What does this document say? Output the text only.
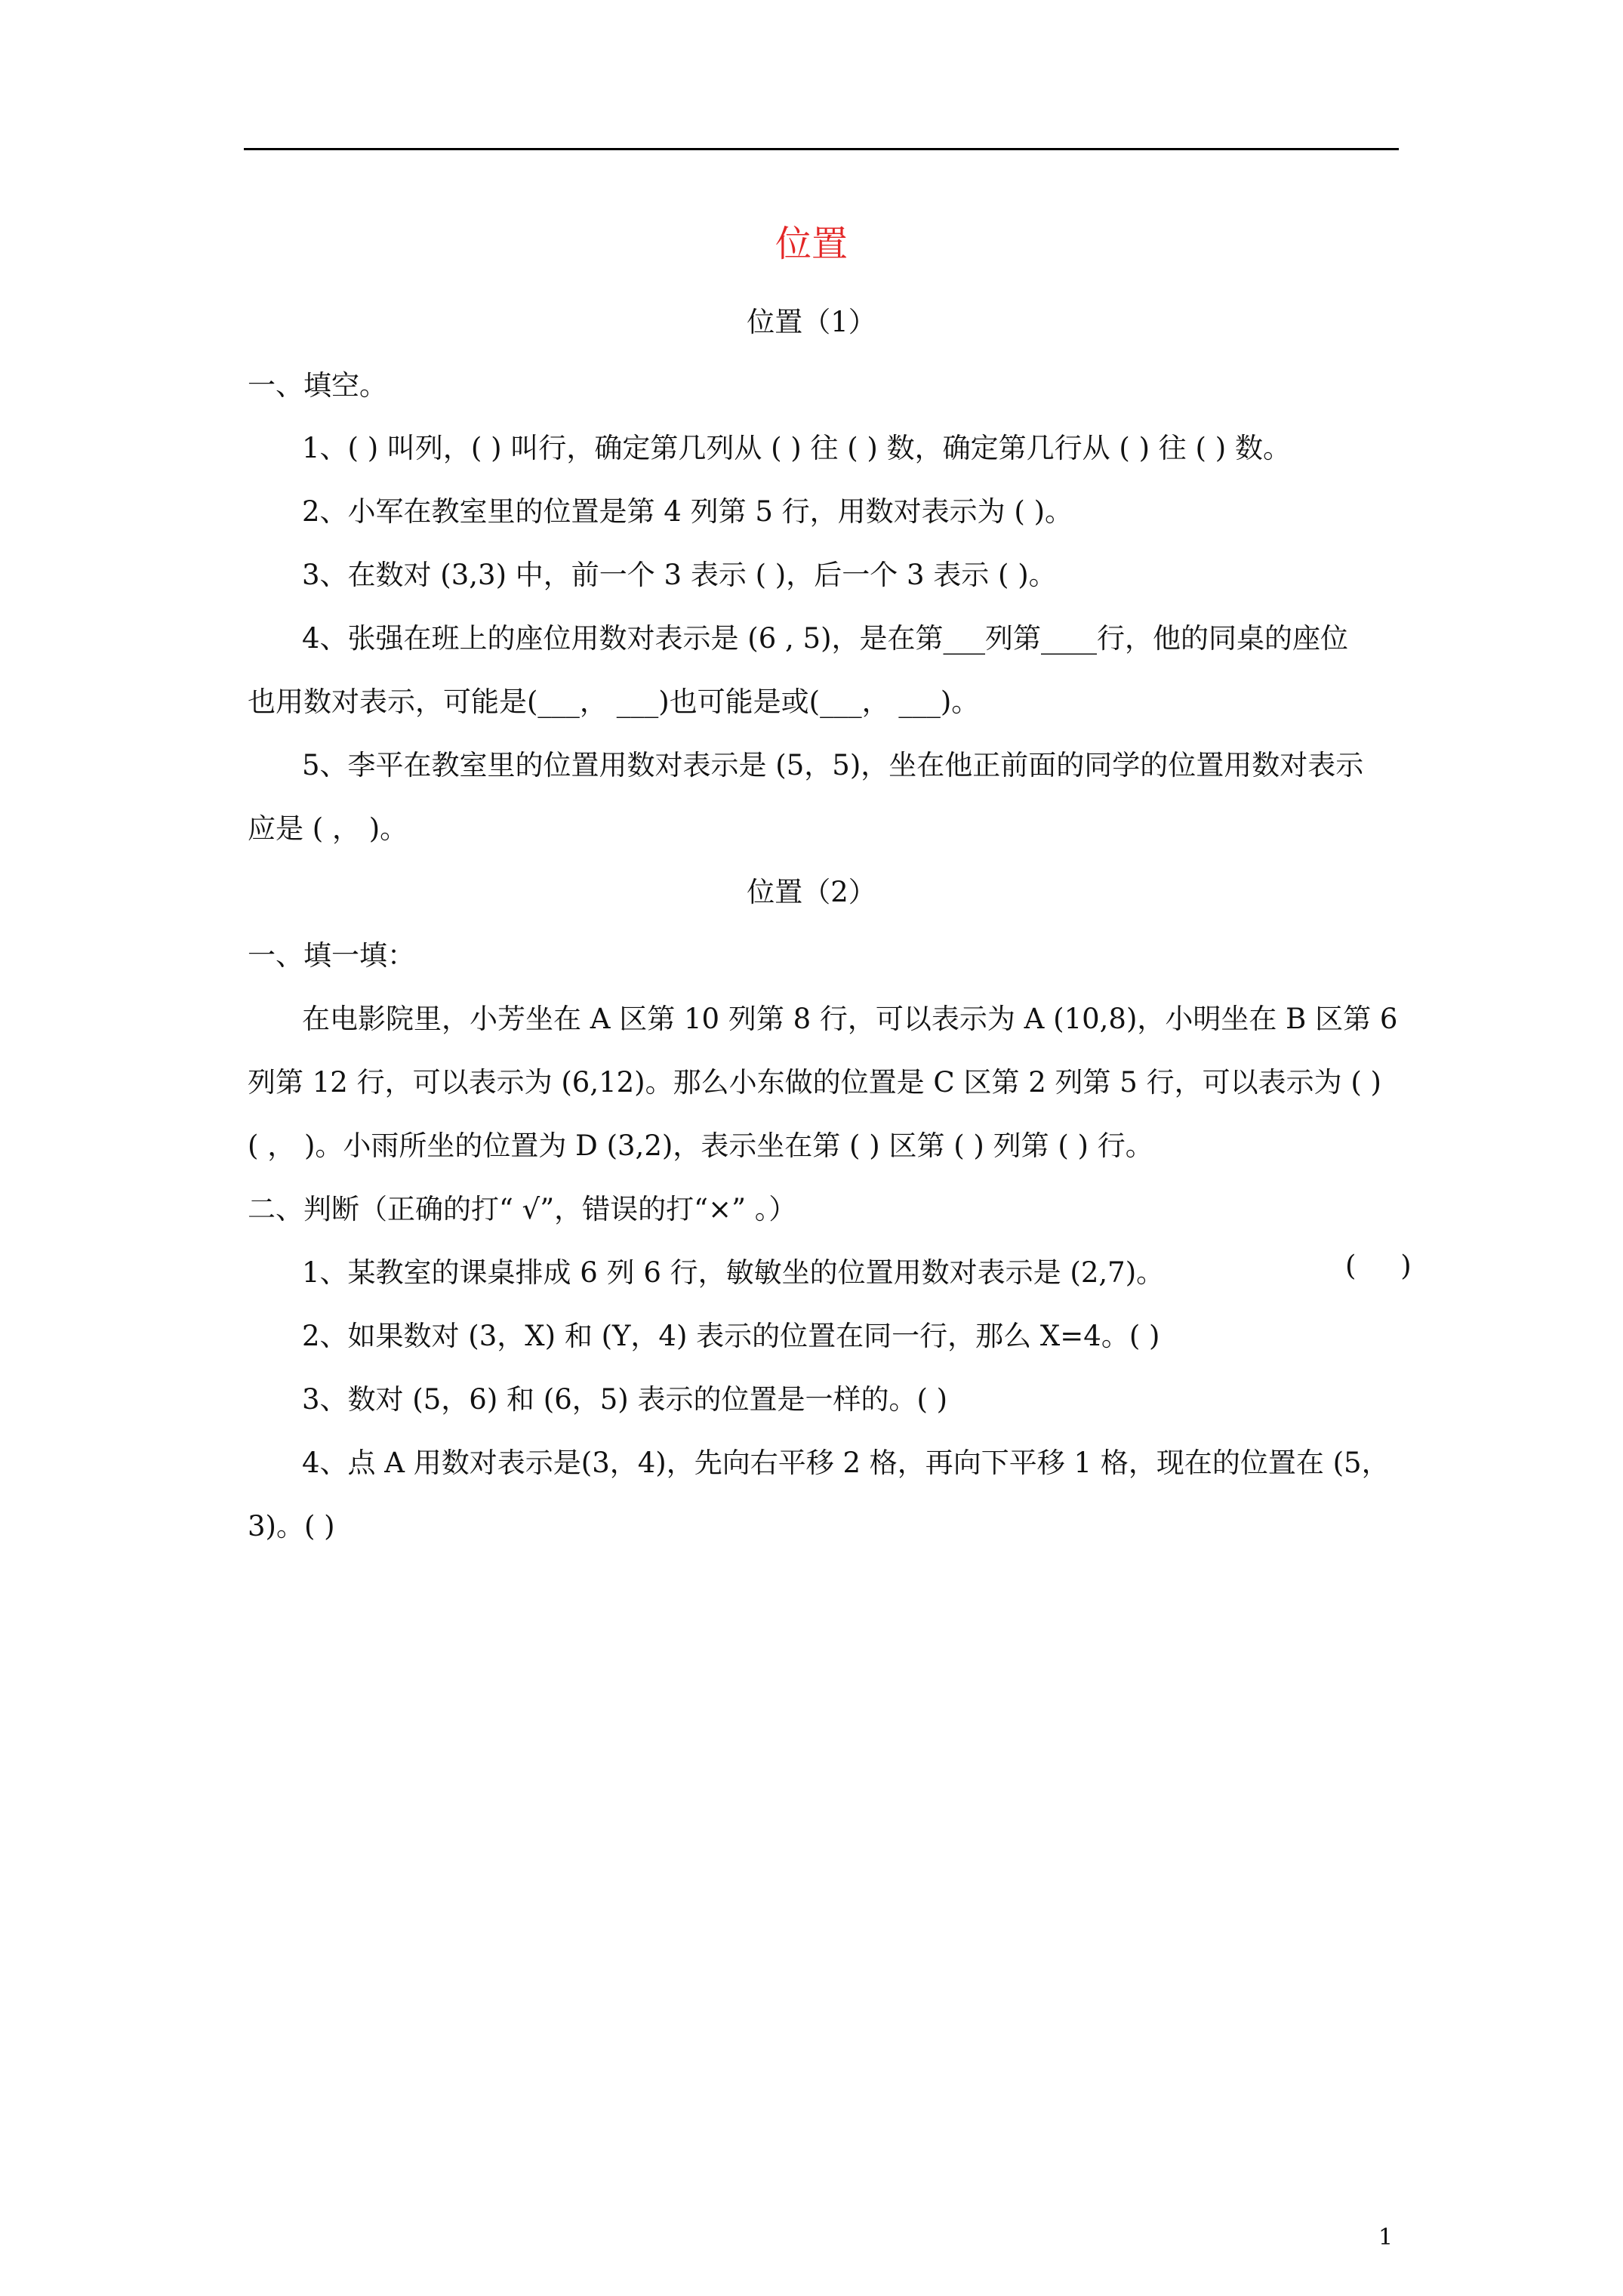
位置
位置（1）
一、填空。
1、( ) 叫列，( ) 叫行，确定第几列从 ( ) 往 ( ) 数，确定第几行从 ( ) 往 ( ) 数。
2、小军在教室里的位置是第 4 列第 5 行，用数对表示为 ( )。
3、在数对 (3,3) 中，前一个 3 表示 ( )，后一个 3 表示 ( )。
4、张强在班上的座位用数对表示是 (6 , 5)，是在第___列第____行，他的同桌的座位
也用数对表示，可能是(___， ___)也可能是或(___， ___)。
5、李平在教室里的位置用数对表示是 (5，5)，坐在他正前面的同学的位置用数对表示
应是 ( ， )。
位置（2）
一、填一填：
在电影院里，小芳坐在 A 区第 10 列第 8 行，可以表示为 A (10,8)，小明坐在 B 区第 6
列第 12 行，可以表示为 (6,12)。那么小东做的位置是 C 区第 2 列第 5 行，可以表示为 ( )
( ， )。小雨所坐的位置为 D (3,2)，表示坐在第 ( ) 区第 ( ) 列第 ( ) 行。
二、判断（正确的打“ √”，错误的打“×” 。）
1、某教室的课桌排成 6 列 6 行，敏敏坐的位置用数对表示是 (2,7)。	(     )
2、如果数对 (3，X) 和 (Y，4) 表示的位置在同一行，那么 X=4。( )
3、数对 (5，6) 和 (6，5) 表示的位置是一样的。( )
4、点 A 用数对表示是(3，4)，先向右平移 2 格，再向下平移 1 格，现在的位置在 (5，
3)。( )
1
